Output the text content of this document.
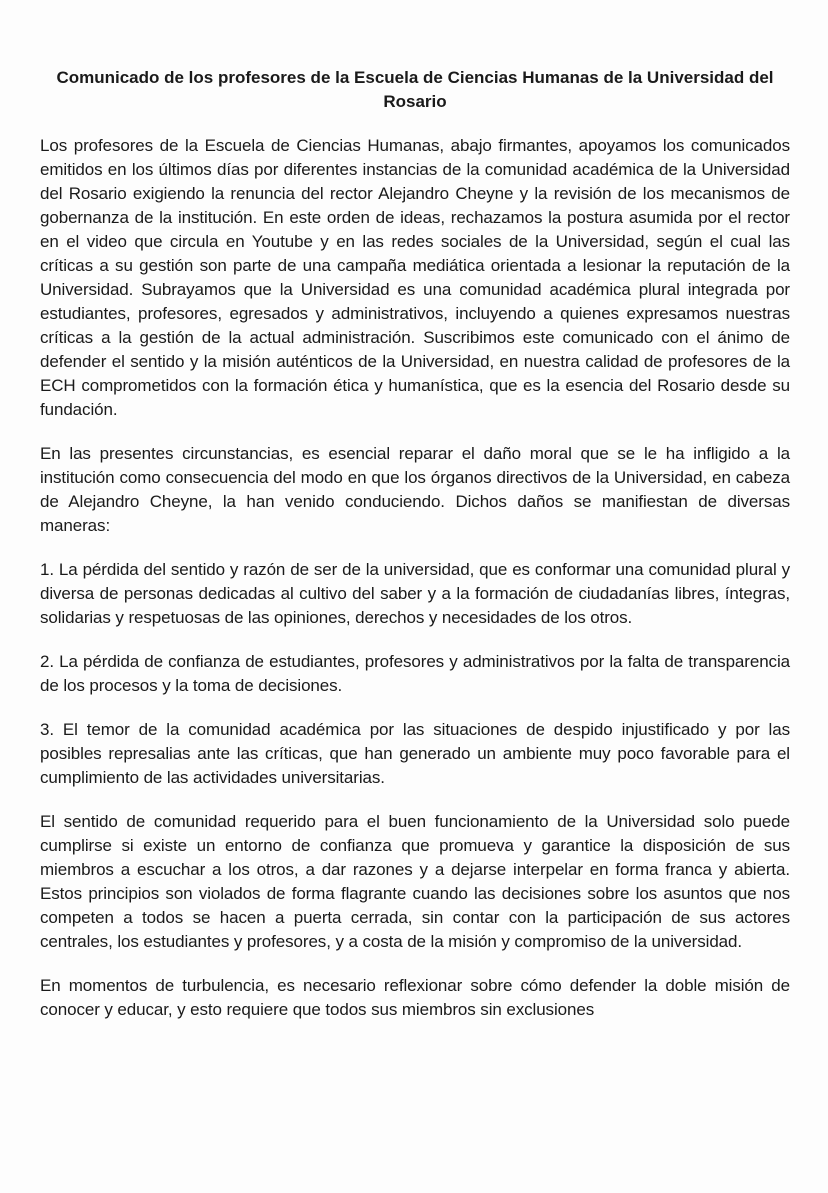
Comunicado de los profesores de la Escuela de Ciencias Humanas de la Universidad del Rosario

Los profesores de la Escuela de Ciencias Humanas, abajo firmantes, apoyamos los comunicados emitidos en los últimos días por diferentes instancias de la comunidad académica de la Universidad del Rosario exigiendo la renuncia del rector Alejandro Cheyne y la revisión de los mecanismos de gobernanza de la institución. En este orden de ideas, rechazamos la postura asumida por el rector en el video que circula en Youtube y en las redes sociales de la Universidad, según el cual las críticas a su gestión son parte de una campaña mediática orientada a lesionar la reputación de la Universidad. Subrayamos que la Universidad es una comunidad académica plural integrada por estudiantes, profesores, egresados y administrativos, incluyendo a quienes expresamos nuestras críticas a la gestión de la actual administración. Suscribimos este comunicado con el ánimo de defender el sentido y la misión auténticos de la Universidad, en nuestra calidad de profesores de la ECH comprometidos con la formación ética y humanística, que es la esencia del Rosario desde su fundación.

En las presentes circunstancias, es esencial reparar el daño moral que se le ha infligido a la institución como consecuencia del modo en que los órganos directivos de la Universidad, en cabeza de Alejandro Cheyne, la han venido conduciendo. Dichos daños se manifiestan de diversas maneras:

1. La pérdida del sentido y razón de ser de la universidad, que es conformar una comunidad plural y diversa de personas dedicadas al cultivo del saber y a la formación de ciudadanías libres, íntegras, solidarias y respetuosas de las opiniones, derechos y necesidades de los otros.

2. La pérdida de confianza de estudiantes, profesores y administrativos por la falta de transparencia de los procesos y la toma de decisiones.

3. El temor de la comunidad académica por las situaciones de despido injustificado y por las posibles represalias ante las críticas, que han generado un ambiente muy poco favorable para el cumplimiento de las actividades universitarias.

El sentido de comunidad requerido para el buen funcionamiento de la Universidad solo puede cumplirse si existe un entorno de confianza que promueva y garantice la disposición de sus miembros a escuchar a los otros, a dar razones y a dejarse interpelar en forma franca y abierta. Estos principios son violados de forma flagrante cuando las decisiones sobre los asuntos que nos competen a todos se hacen a puerta cerrada, sin contar con la participación de sus actores centrales, los estudiantes y profesores, y a costa de la misión y compromiso de la universidad.

En momentos de turbulencia, es necesario reflexionar sobre cómo defender la doble misión de conocer y educar, y esto requiere que todos sus miembros sin exclusiones
